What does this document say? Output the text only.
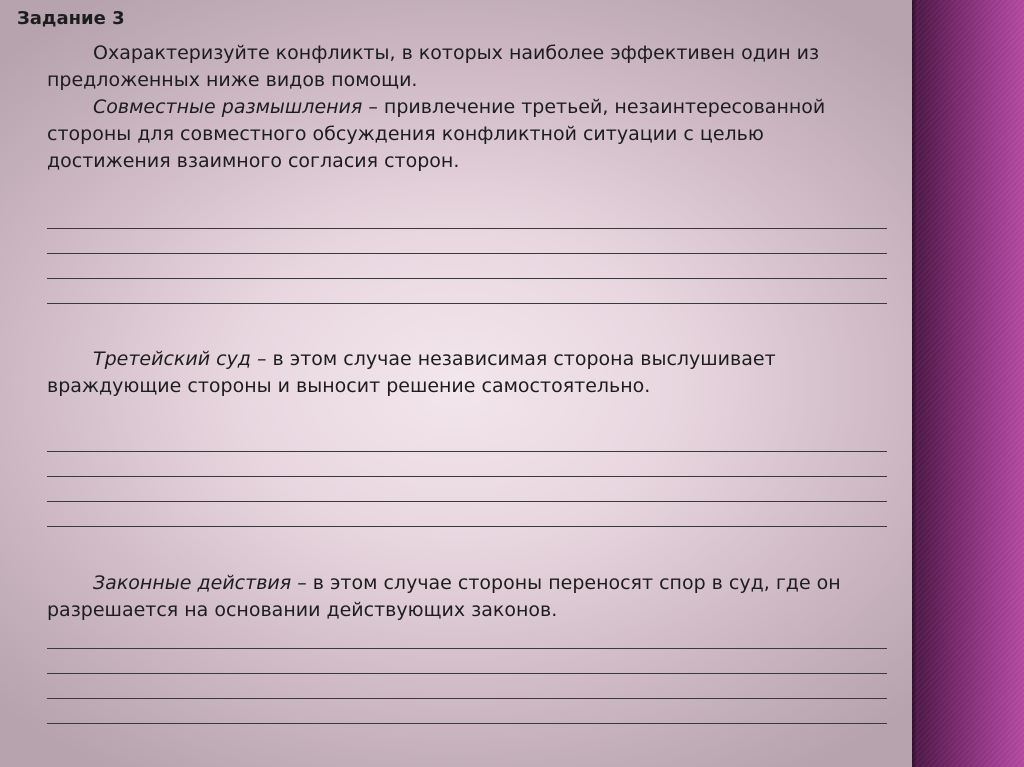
Задание 3
Охарактеризуйте конфликты, в которых наиболее эффективен один из предложенных ниже видов помощи.
Совместные размышления – привлечение третьей, незаинтересованной стороны для совместного обсуждения конфликтной ситуации с целью достижения взаимного согласия сторон.
Третейский суд – в этом случае независимая сторона выслушивает враждующие стороны и выносит решение самостоятельно.
Законные действия – в этом случае стороны переносят спор в суд, где он разрешается на основании действующих законов.
